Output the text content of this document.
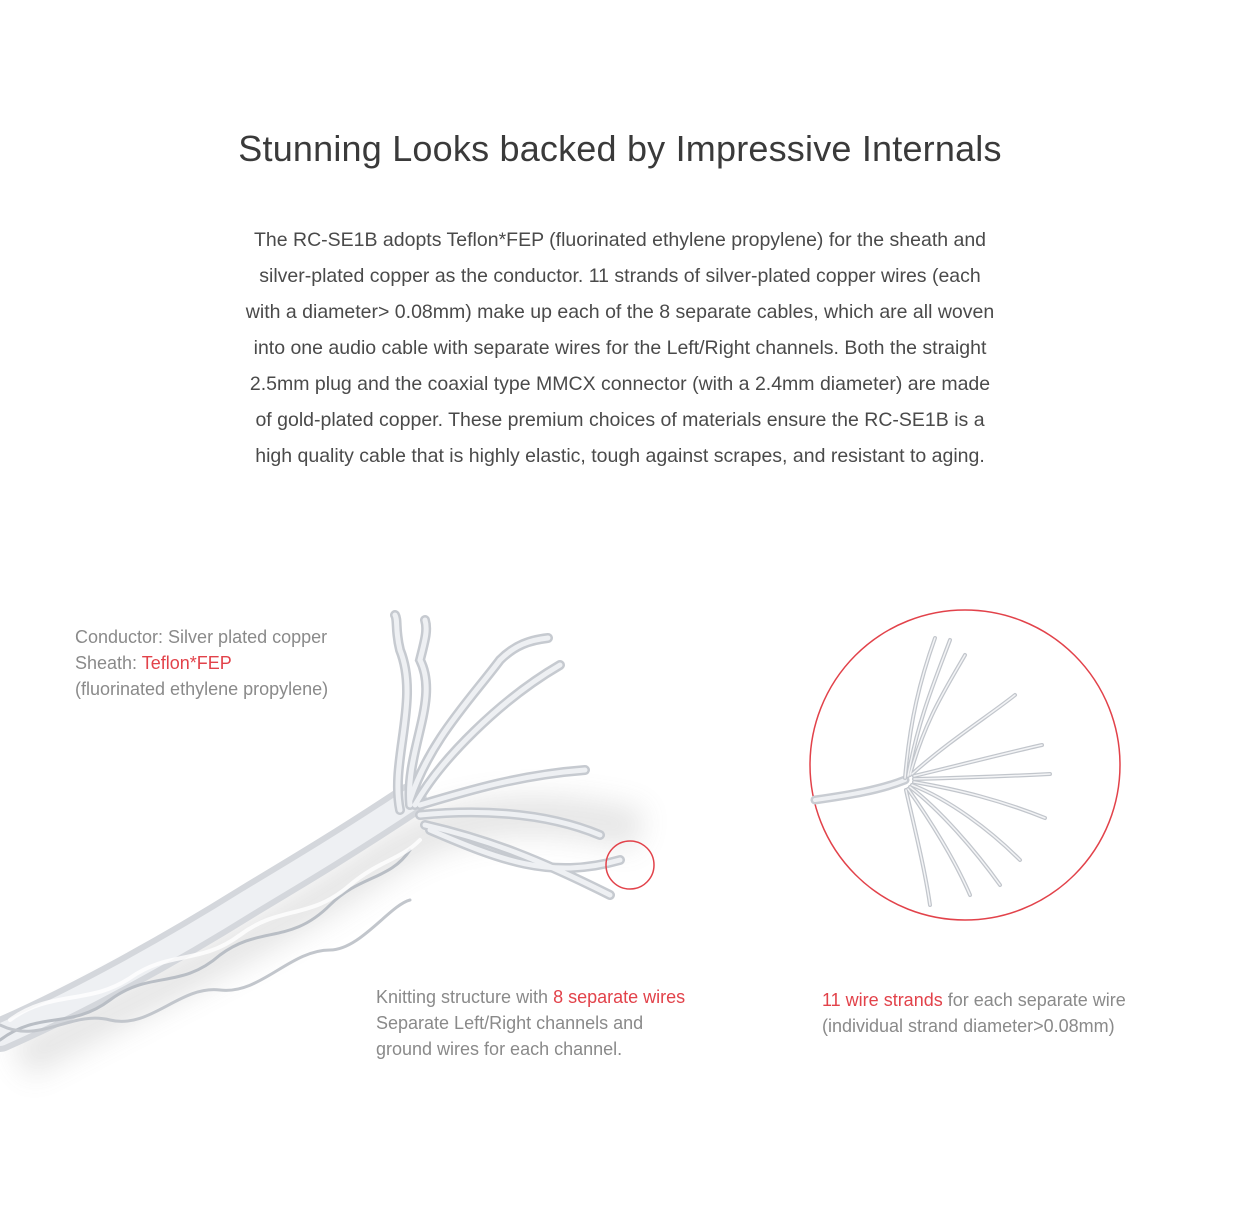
Stunning Looks backed by Impressive Internals
The RC-SE1B adopts Teflon*FEP (fluorinated ethylene propylene) for the sheath and
silver-plated copper as the conductor. 11 strands of silver-plated copper wires (each
with a diameter> 0.08mm) make up each of the 8 separate cables, which are all woven
into one audio cable with separate wires for the Left/Right channels. Both the straight
2.5mm plug and the coaxial type MMCX connector (with a 2.4mm diameter) are made
of gold-plated copper. These premium choices of materials ensure the RC-SE1B is a
high quality cable that is highly elastic, tough against scrapes, and resistant to aging.
Conductor: Silver plated copper
Sheath: Teflon*FEP
(fluorinated ethylene propylene)
Knitting structure with 8 separate wires
Separate Left/Right channels and
ground wires for each channel.
11 wire strands for each separate wire
(individual strand diameter>0.08mm)
